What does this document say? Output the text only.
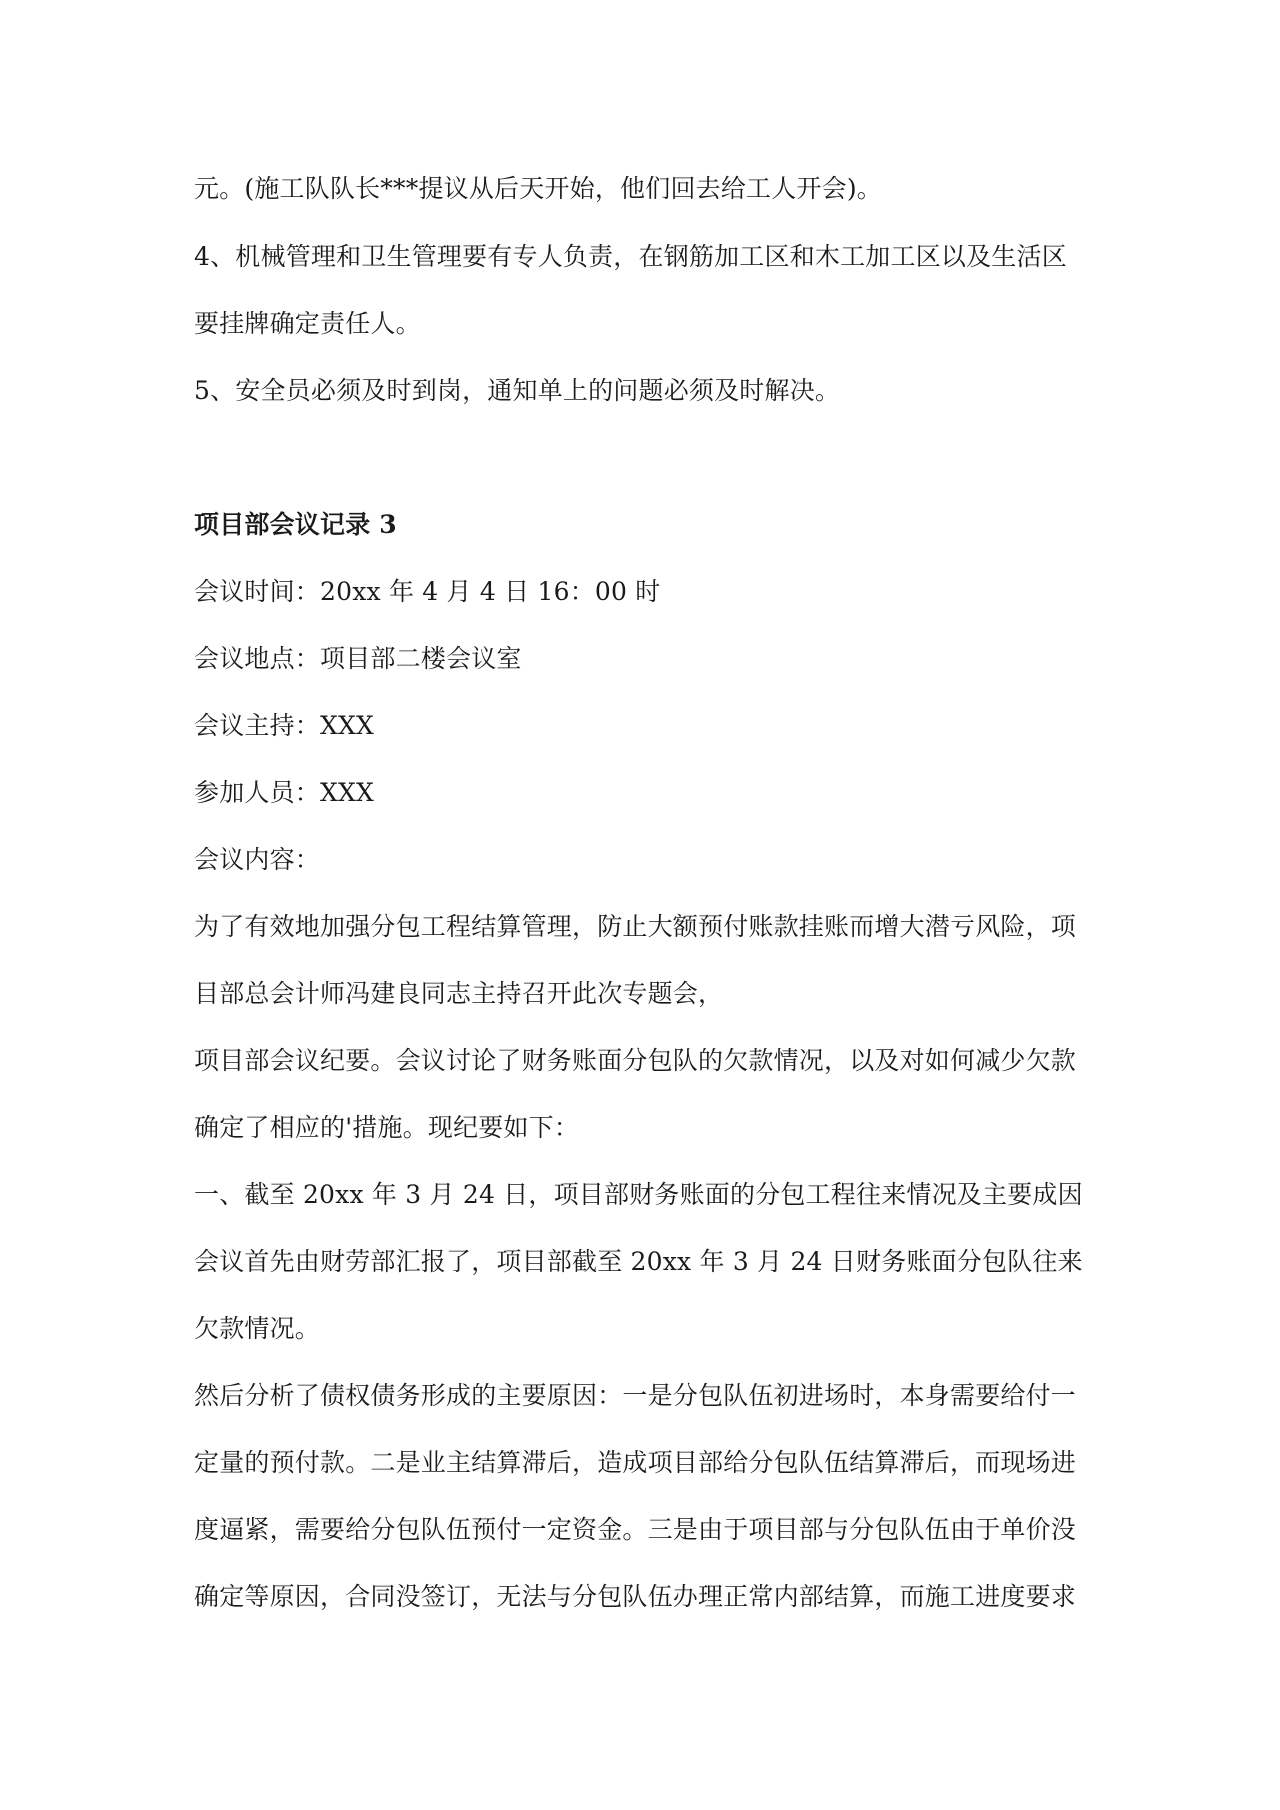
元。(施工队队长***提议从后天开始，他们回去给工人开会)。
4、机械管理和卫生管理要有专人负责，在钢筋加工区和木工加工区以及生活区
要挂牌确定责任人。
5、安全员必须及时到岗，通知单上的问题必须及时解决。
项目部会议记录 3
会议时间：20xx 年 4 月 4 日 16：00 时
会议地点：项目部二楼会议室
会议主持：XXX
参加人员：XXX
会议内容：
为了有效地加强分包工程结算管理，防止大额预付账款挂账而增大潜亏风险，项
目部总会计师冯建良同志主持召开此次专题会，
项目部会议纪要。会议讨论了财务账面分包队的欠款情况，以及对如何减少欠款
确定了相应的'措施。现纪要如下：
一、截至 20xx 年 3 月 24 日，项目部财务账面的分包工程往来情况及主要成因
会议首先由财劳部汇报了，项目部截至 20xx 年 3 月 24 日财务账面分包队往来
欠款情况。
然后分析了债权债务形成的主要原因：一是分包队伍初进场时，本身需要给付一
定量的预付款。二是业主结算滞后，造成项目部给分包队伍结算滞后，而现场进
度逼紧，需要给分包队伍预付一定资金。三是由于项目部与分包队伍由于单价没
确定等原因，合同没签订，无法与分包队伍办理正常内部结算，而施工进度要求
